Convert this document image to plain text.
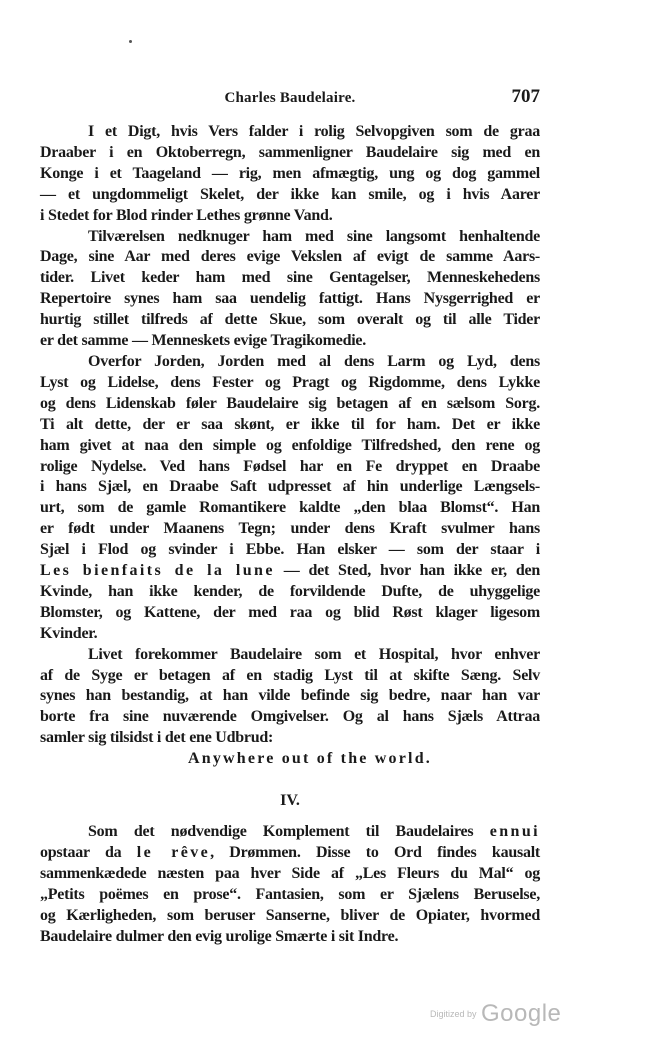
Charles Baudelaire.	707

I et Digt, hvis Vers falder i rolig Selvopgiven som de graa
Draaber i en Oktoberregn, sammenligner Baudelaire sig med en
Konge i et Taageland — rig, men afmægtig, ung og dog gammel
— et ungdommeligt Skelet, der ikke kan smile, og i hvis Aarer
i Stedet for Blod rinder Lethes grønne Vand.

Tilværelsen nedknuger ham med sine langsomt henhaltende
Dage, sine Aar med deres evige Vekslen af evigt de samme Aars-
tider. Livet keder ham med sine Gentagelser, Menneskehedens
Repertoire synes ham saa uendelig fattigt. Hans Nysgerrighed er
hurtig stillet tilfreds af dette Skue, som overalt og til alle Tider
er det samme — Menneskets evige Tragikomedie.

Overfor Jorden, Jorden med al dens Larm og Lyd, dens
Lyst og Lidelse, dens Fester og Pragt og Rigdomme, dens Lykke
og dens Lidenskab føler Baudelaire sig betagen af en sælsom Sorg.
Ti alt dette, der er saa skønt, er ikke til for ham. Det er ikke
ham givet at naa den simple og enfoldige Tilfredshed, den rene og
rolige Nydelse. Ved hans Fødsel har en Fe dryppet en Draabe
i hans Sjæl, en Draabe Saft udpresset af hin underlige Længsels-
urt, som de gamle Romantikere kaldte „den blaa Blomst“. Han
er født under Maanens Tegn; under dens Kraft svulmer hans
Sjæl i Flod og svinder i Ebbe. Han elsker — som der staar i
Les bienfaits de la lune — det Sted, hvor han ikke er, den
Kvinde, han ikke kender, de forvildende Dufte, de uhyggelige
Blomster, og Kattene, der med raa og blid Røst klager ligesom
Kvinder.

Livet forekommer Baudelaire som et Hospital, hvor enhver
af de Syge er betagen af en stadig Lyst til at skifte Sæng. Selv
synes han bestandig, at han vilde befinde sig bedre, naar han var
borte fra sine nuværende Omgivelser. Og al hans Sjæls Attraa
samler sig tilsidst i det ene Udbrud:
Anywhere out of the world.

IV.

Som det nødvendige Komplement til Baudelaires ennui
opstaar da le rêve, Drømmen. Disse to Ord findes kausalt
sammenkædede næsten paa hver Side af „Les Fleurs du Mal“ og
„Petits poëmes en prose“. Fantasien, som er Sjælens Beruselse,
og Kærligheden, som beruser Sanserne, bliver de Opiater, hvormed
Baudelaire dulmer den evig urolige Smærte i sit Indre.

Digitized by Google
